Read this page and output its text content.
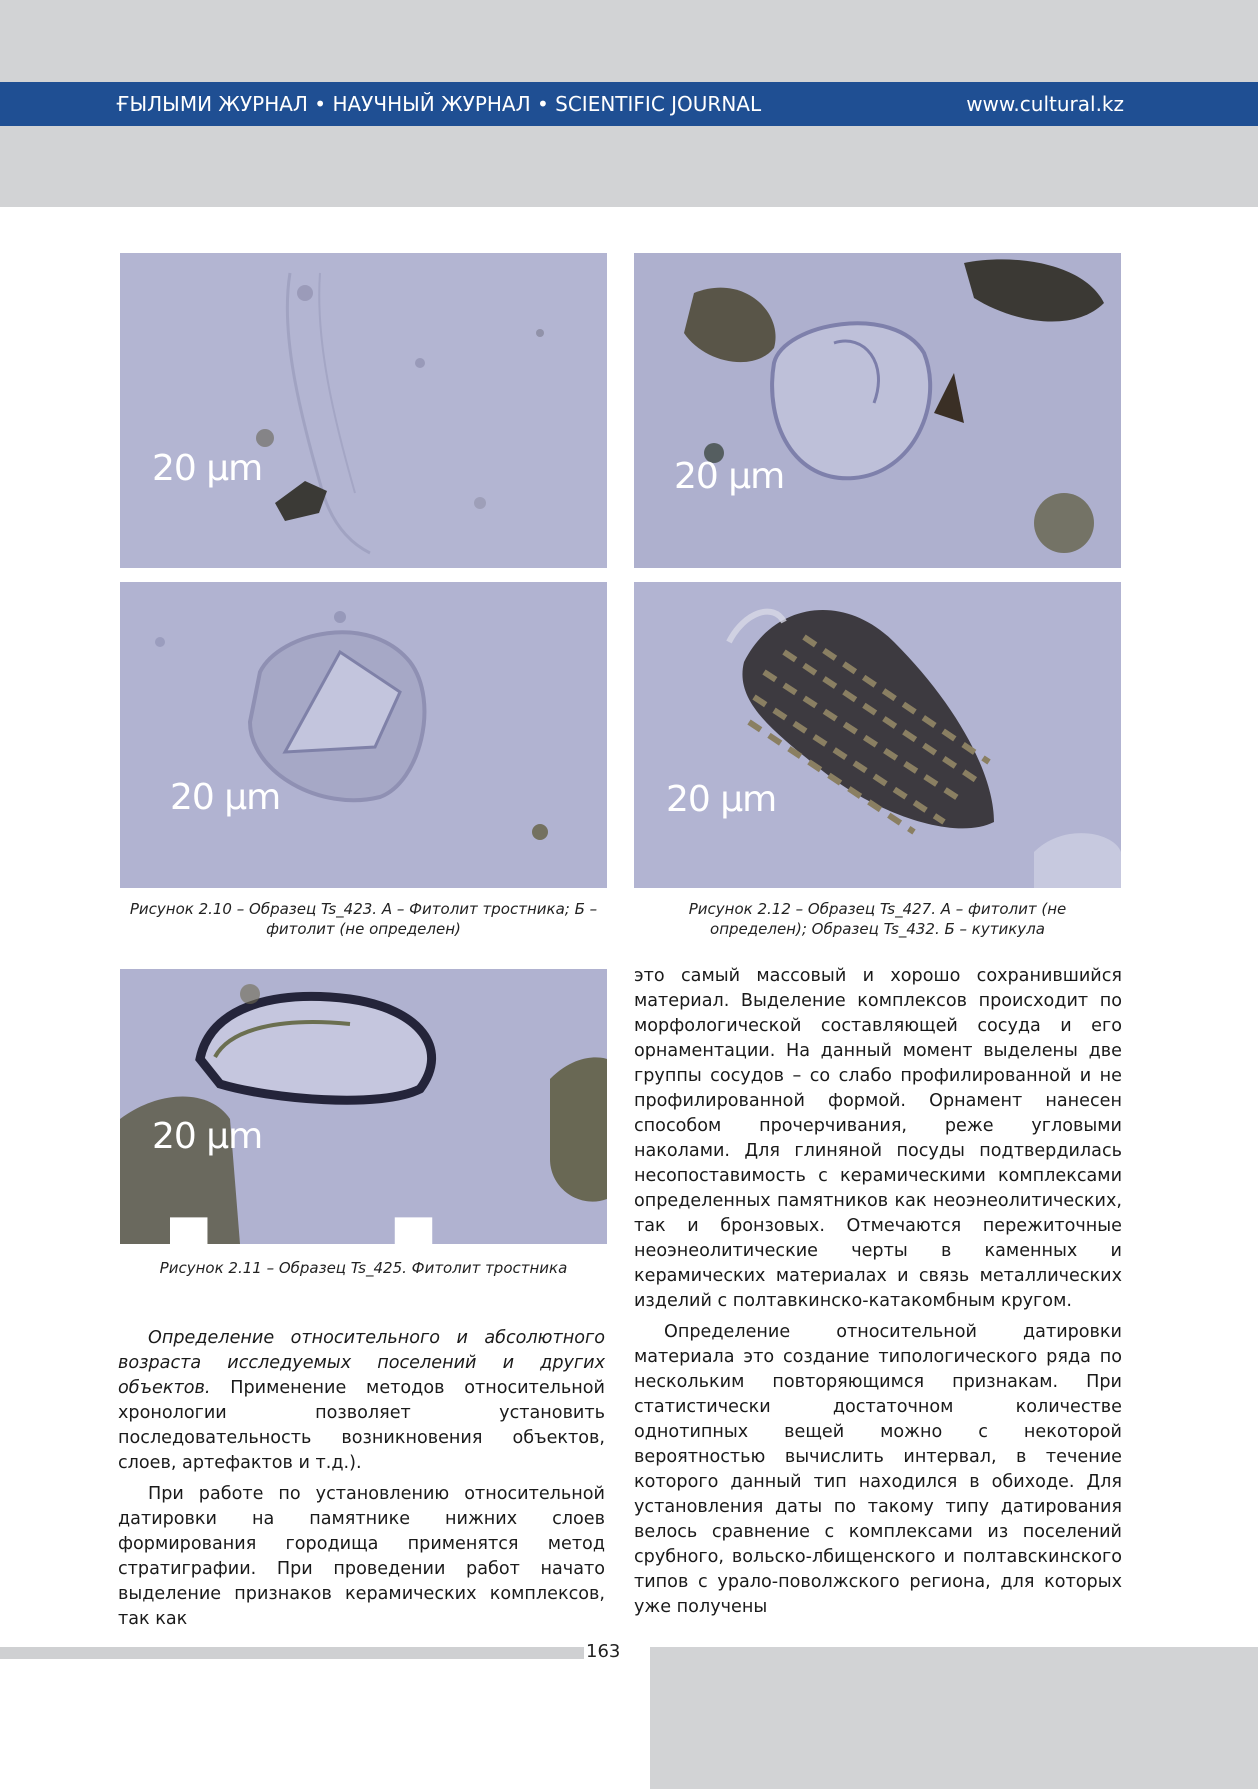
ҒЫЛЫМИ ЖУРНАЛ • НАУЧНЫЙ ЖУРНАЛ • SCIENTIFIC JOURNAL	www.cultural.kz
20 µm	20 µm
20 µm	20 µm
Рисунок 2.10 – Образец Ts_423. А – Фитолит тростника; Б – фитолит (не определен)
Рисунок 2.12 – Образец Ts_427. А – фитолит (не определен); Образец Ts_432. Б – кутикула
20 µm
Рисунок 2.11 – Образец Ts_425. Фитолит тростника

Определение относительного и абсолютного возраста исследуемых поселений и других объектов. Применение методов относительной хронологии позволяет установить последовательность возникновения объектов, слоев, артефактов и т.д.).

При работе по установлению относительной датировки на памятнике нижних слоев формирования городища применятся метод стратиграфии. При проведении работ начато выделение признаков керамических комплексов, так как

это самый массовый и хорошо сохранившийся материал. Выделение комплексов происходит по морфологической составляющей сосуда и его орнаментации. На данный момент выделены две группы сосудов – со слабо профилированной и не профилированной формой. Орнамент нанесен способом прочерчивания, реже угловыми наколами. Для глиняной посуды подтвердилась несопоставимость с керамическими комплексами определенных памятников как неоэнеолитических, так и бронзовых. Отмечаются пережиточные неоэнеолитические черты в каменных и керамических материалах и связь металлических изделий с полтавкинско-катакомбным кругом.

Определение относительной датировки материала это создание типологического ряда по нескольким повторяющимся признакам. При статистически достаточном количестве однотипных вещей можно с некоторой вероятностью вычислить интервал, в течение которого данный тип находился в обиходе. Для установления даты по такому типу датирования велось сравнение с комплексами из поселений срубного, вольско-лбищенского и полтавскинского типов с урало-поволжского региона, для которых уже получены

163
